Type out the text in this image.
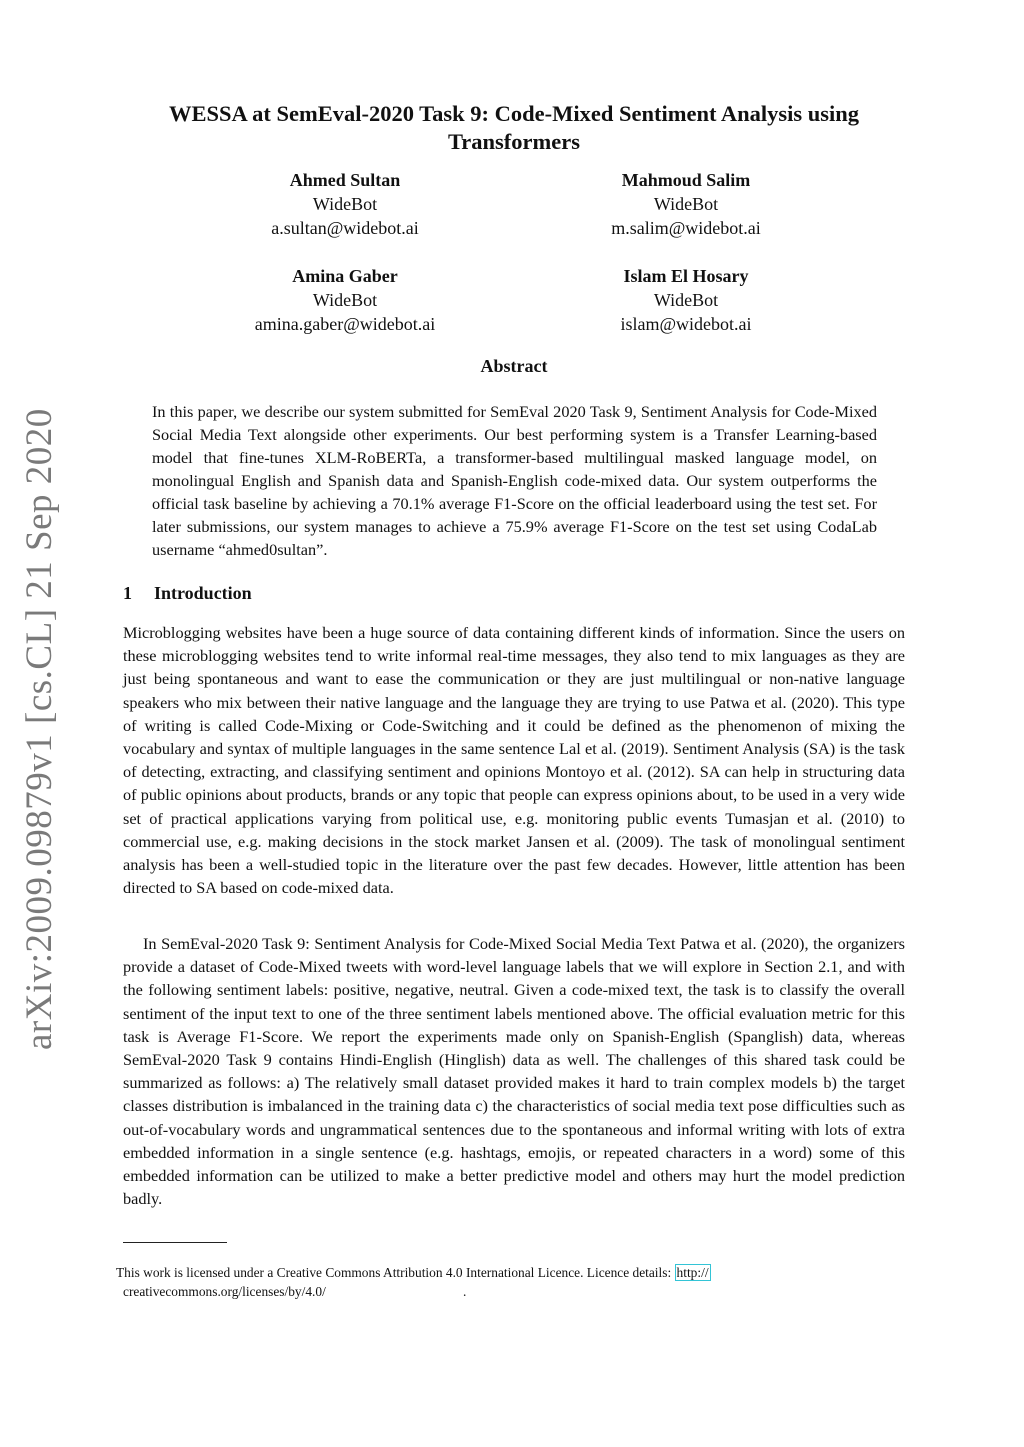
arXiv:2009.09879v1 [cs.CL] 21 Sep 2020
WESSA at SemEval-2020 Task 9: Code-Mixed Sentiment Analysis using
Transformers
Ahmed Sultan
WideBot
a.sultan@widebot.ai
Mahmoud Salim
WideBot
m.salim@widebot.ai
Amina Gaber
WideBot
amina.gaber@widebot.ai
Islam El Hosary
WideBot
islam@widebot.ai
Abstract
In this paper, we describe our system submitted for SemEval 2020 Task 9, Sentiment Analysis for Code-Mixed Social Media Text alongside other experiments. Our best performing system is a Transfer Learning-based model that fine-tunes XLM-RoBERTa, a transformer-based multilingual masked language model, on monolingual English and Spanish data and Spanish-English code-mixed data. Our system outperforms the official task baseline by achieving a 70.1% average F1-Score on the official leaderboard using the test set. For later submissions, our system manages to achieve a 75.9% average F1-Score on the test set using CodaLab username “ahmed0sultan”.
1 Introduction

Microblogging websites have been a huge source of data containing different kinds of information. Since the users on these microblogging websites tend to write informal real-time messages, they also tend to mix languages as they are just being spontaneous and want to ease the communication or they are just multilingual or non-native language speakers who mix between their native language and the language they are trying to use Patwa et al. (2020). This type of writing is called Code-Mixing or Code-Switching and it could be defined as the phenomenon of mixing the vocabulary and syntax of multiple languages in the same sentence Lal et al. (2019). Sentiment Analysis (SA) is the task of detecting, extracting, and classifying sentiment and opinions Montoyo et al. (2012). SA can help in structuring data of public opinions about products, brands or any topic that people can express opinions about, to be used in a very wide set of practical applications varying from political use, e.g. monitoring public events Tumasjan et al. (2010) to commercial use, e.g. making decisions in the stock market Jansen et al. (2009). The task of monolingual sentiment analysis has been a well-studied topic in the literature over the past few decades. However, little attention has been directed to SA based on code-mixed data.

In SemEval-2020 Task 9: Sentiment Analysis for Code-Mixed Social Media Text Patwa et al. (2020), the organizers provide a dataset of Code-Mixed tweets with word-level language labels that we will explore in Section 2.1, and with the following sentiment labels: positive, negative, neutral. Given a code-mixed text, the task is to classify the overall sentiment of the input text to one of the three sentiment labels mentioned above. The official evaluation metric for this task is Average F1-Score. We report the experiments made only on Spanish-English (Spanglish) data, whereas SemEval-2020 Task 9 contains Hindi-English (Hinglish) data as well. The challenges of this shared task could be summarized as follows: a) The relatively small dataset provided makes it hard to train complex models b) the target classes distribution is imbalanced in the training data c) the characteristics of social media text pose difficulties such as out-of-vocabulary words and ungrammatical sentences due to the spontaneous and informal writing with lots of extra embedded information in a single sentence (e.g. hashtags, emojis, or repeated characters in a word) some of this embedded information can be utilized to make a better predictive model and others may hurt the model prediction badly.

This work is licensed under a Creative Commons Attribution 4.0 International Licence. Licence details: http://
creativecommons.org/licenses/by/4.0/	.
